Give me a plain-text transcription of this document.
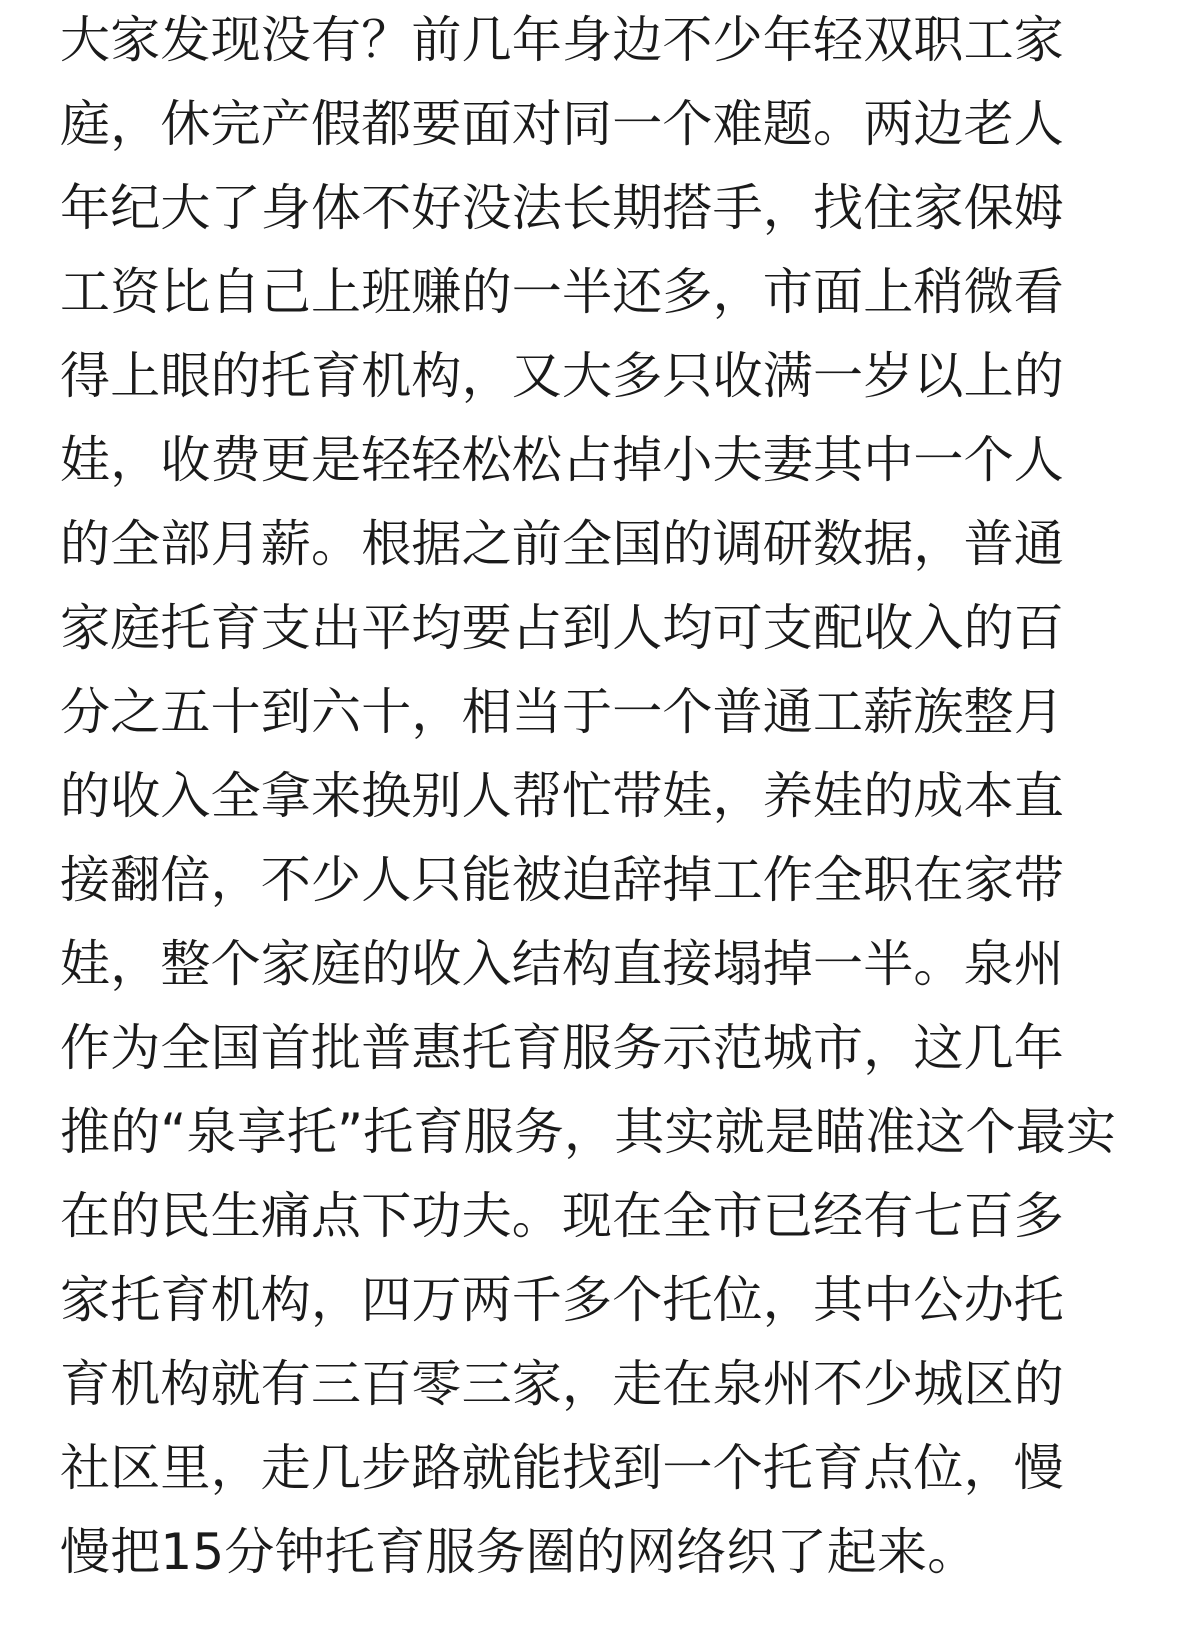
大家发现没有？前几年身边不少年轻双职工家
庭，休完产假都要面对同一个难题。两边老人
年纪大了身体不好没法长期搭手，找住家保姆
工资比自己上班赚的一半还多，市面上稍微看
得上眼的托育机构，又大多只收满一岁以上的
娃，收费更是轻轻松松占掉小夫妻其中一个人
的全部月薪。根据之前全国的调研数据，普通
家庭托育支出平均要占到人均可支配收入的百
分之五十到六十，相当于一个普通工薪族整月
的收入全拿来换别人帮忙带娃，养娃的成本直
接翻倍，不少人只能被迫辞掉工作全职在家带
娃，整个家庭的收入结构直接塌掉一半。泉州
作为全国首批普惠托育服务示范城市，这几年
推的“泉享托”托育服务，其实就是瞄准这个最实
在的民生痛点下功夫。现在全市已经有七百多
家托育机构，四万两千多个托位，其中公办托
育机构就有三百零三家，走在泉州不少城区的
社区里，走几步路就能找到一个托育点位，慢
慢把15分钟托育服务圈的网络织了起来。
